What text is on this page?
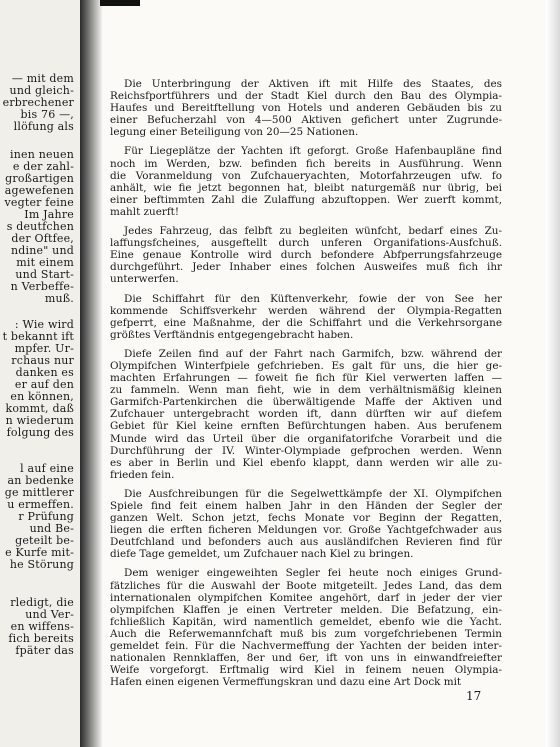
— mit dem
und gleich-
erbrechener
bis 76 —,
llöfung als
inen neuen
e der zahl-
großartigen
agewefenen
vegter feine
Im Jahre
s deutfchen
der Oftfee,
ndine" und
mit einem
und Start-
n Verbeffe-
muß.
: Wie wird
t bekannt ift
mpfer. Ur-
rchaus nur
danken es
er auf den
en können,
kommt, daß
n wiederum
folgung des
l auf eine
an bedenke
ge mittlerer
u ermeffen.
r Prüfung
und Be-
geteilt be-
e Kurfe mit-
he Störung
rledigt, die
und Ver-
en wiffens-
fich bereits
fpäter das
Die Unterbringung der Aktiven ift mit Hilfe des Staates, des
Reichsfportführers und der Stadt Kiel durch den Bau des Olympia-
Haufes und Bereitftellung von Hotels und anderen Gebäuden bis zu
einer Befucherzahl von 4—500 Aktiven gefichert unter Zugrunde-
legung einer Beteiligung von 20—25 Nationen.
Für Liegeplätze der Yachten ift geforgt. Große Hafenbaupläne find
noch im Werden, bzw. befinden fich bereits in Ausführung. Wenn
die Voranmeldung von Zufchaueryachten, Motorfahrzeugen ufw. fo
anhält, wie fie jetzt begonnen hat, bleibt naturgemäß nur übrig, bei
einer beftimmten Zahl die Zulaffung abzuftoppen. Wer zuerft kommt,
mahlt zuerft!
Jedes Fahrzeug, das felbft zu begleiten wünfcht, bedarf eines Zu-
laffungsfcheines, ausgeftellt durch unferen Organifations-Ausfchuß.
Eine genaue Kontrolle wird durch befondere Abfperrungsfahrzeuge
durchgeführt. Jeder Inhaber eines folchen Ausweifes muß fich ihr
unterwerfen.
Die Schiffahrt für den Küftenverkehr, fowie der von See her
kommende Schiffsverkehr werden während der Olympia-Regatten
gefperrt, eine Maßnahme, der die Schiffahrt und die Verkehrsorgane
größtes Verftändnis entgegengebracht haben.
Diefe Zeilen find auf der Fahrt nach Garmifch, bzw. während der
Olympifchen Winterfpiele gefchrieben. Es galt für uns, die hier ge-
machten Erfahrungen — foweit fie fich für Kiel verwerten laffen —
zu fammeln. Wenn man fieht, wie in dem verhältnismäßig kleinen
Garmifch-Partenkirchen die überwältigende Maffe der Aktiven und
Zufchauer untergebracht worden ift, dann dürften wir auf diefem
Gebiet für Kiel keine ernften Befürchtungen haben. Aus berufenem
Munde wird das Urteil über die organifatorifche Vorarbeit und die
Durchführung der IV. Winter-Olympiade gefprochen werden. Wenn
es aber in Berlin und Kiel ebenfo klappt, dann werden wir alle zu-
frieden fein.
Die Ausfchreibungen für die Segelwettkämpfe der XI. Olympifchen
Spiele find feit einem halben Jahr in den Händen der Segler der
ganzen Welt. Schon jetzt, fechs Monate vor Beginn der Regatten,
liegen die erften ficheren Meldungen vor. Große Yachtgefchwader aus
Deutfchland und befonders auch aus ausländifchen Revieren find für
diefe Tage gemeldet, um Zufchauer nach Kiel zu bringen.
Dem weniger eingeweihten Segler fei heute noch einiges Grund-
fätzliches für die Auswahl der Boote mitgeteilt. Jedes Land, das dem
internationalen olympifchen Komitee angehört, darf in jeder der vier
olympifchen Klaffen je einen Vertreter melden. Die Befatzung, ein-
fchließlich Kapitän, wird namentlich gemeldet, ebenfo wie die Yacht.
Auch die Referwemannfchaft muß bis zum vorgefchriebenen Termin
gemeldet fein. Für die Nachvermeffung der Yachten der beiden inter-
nationalen Rennklaffen, 8er und 6er, ift von uns in einwandfreiefter
Weife vorgeforgt. Erftmalig wird Kiel in feinem neuen Olympia-
Hafen einen eigenen Vermeffungskran und dazu eine Art Dock mit
17
